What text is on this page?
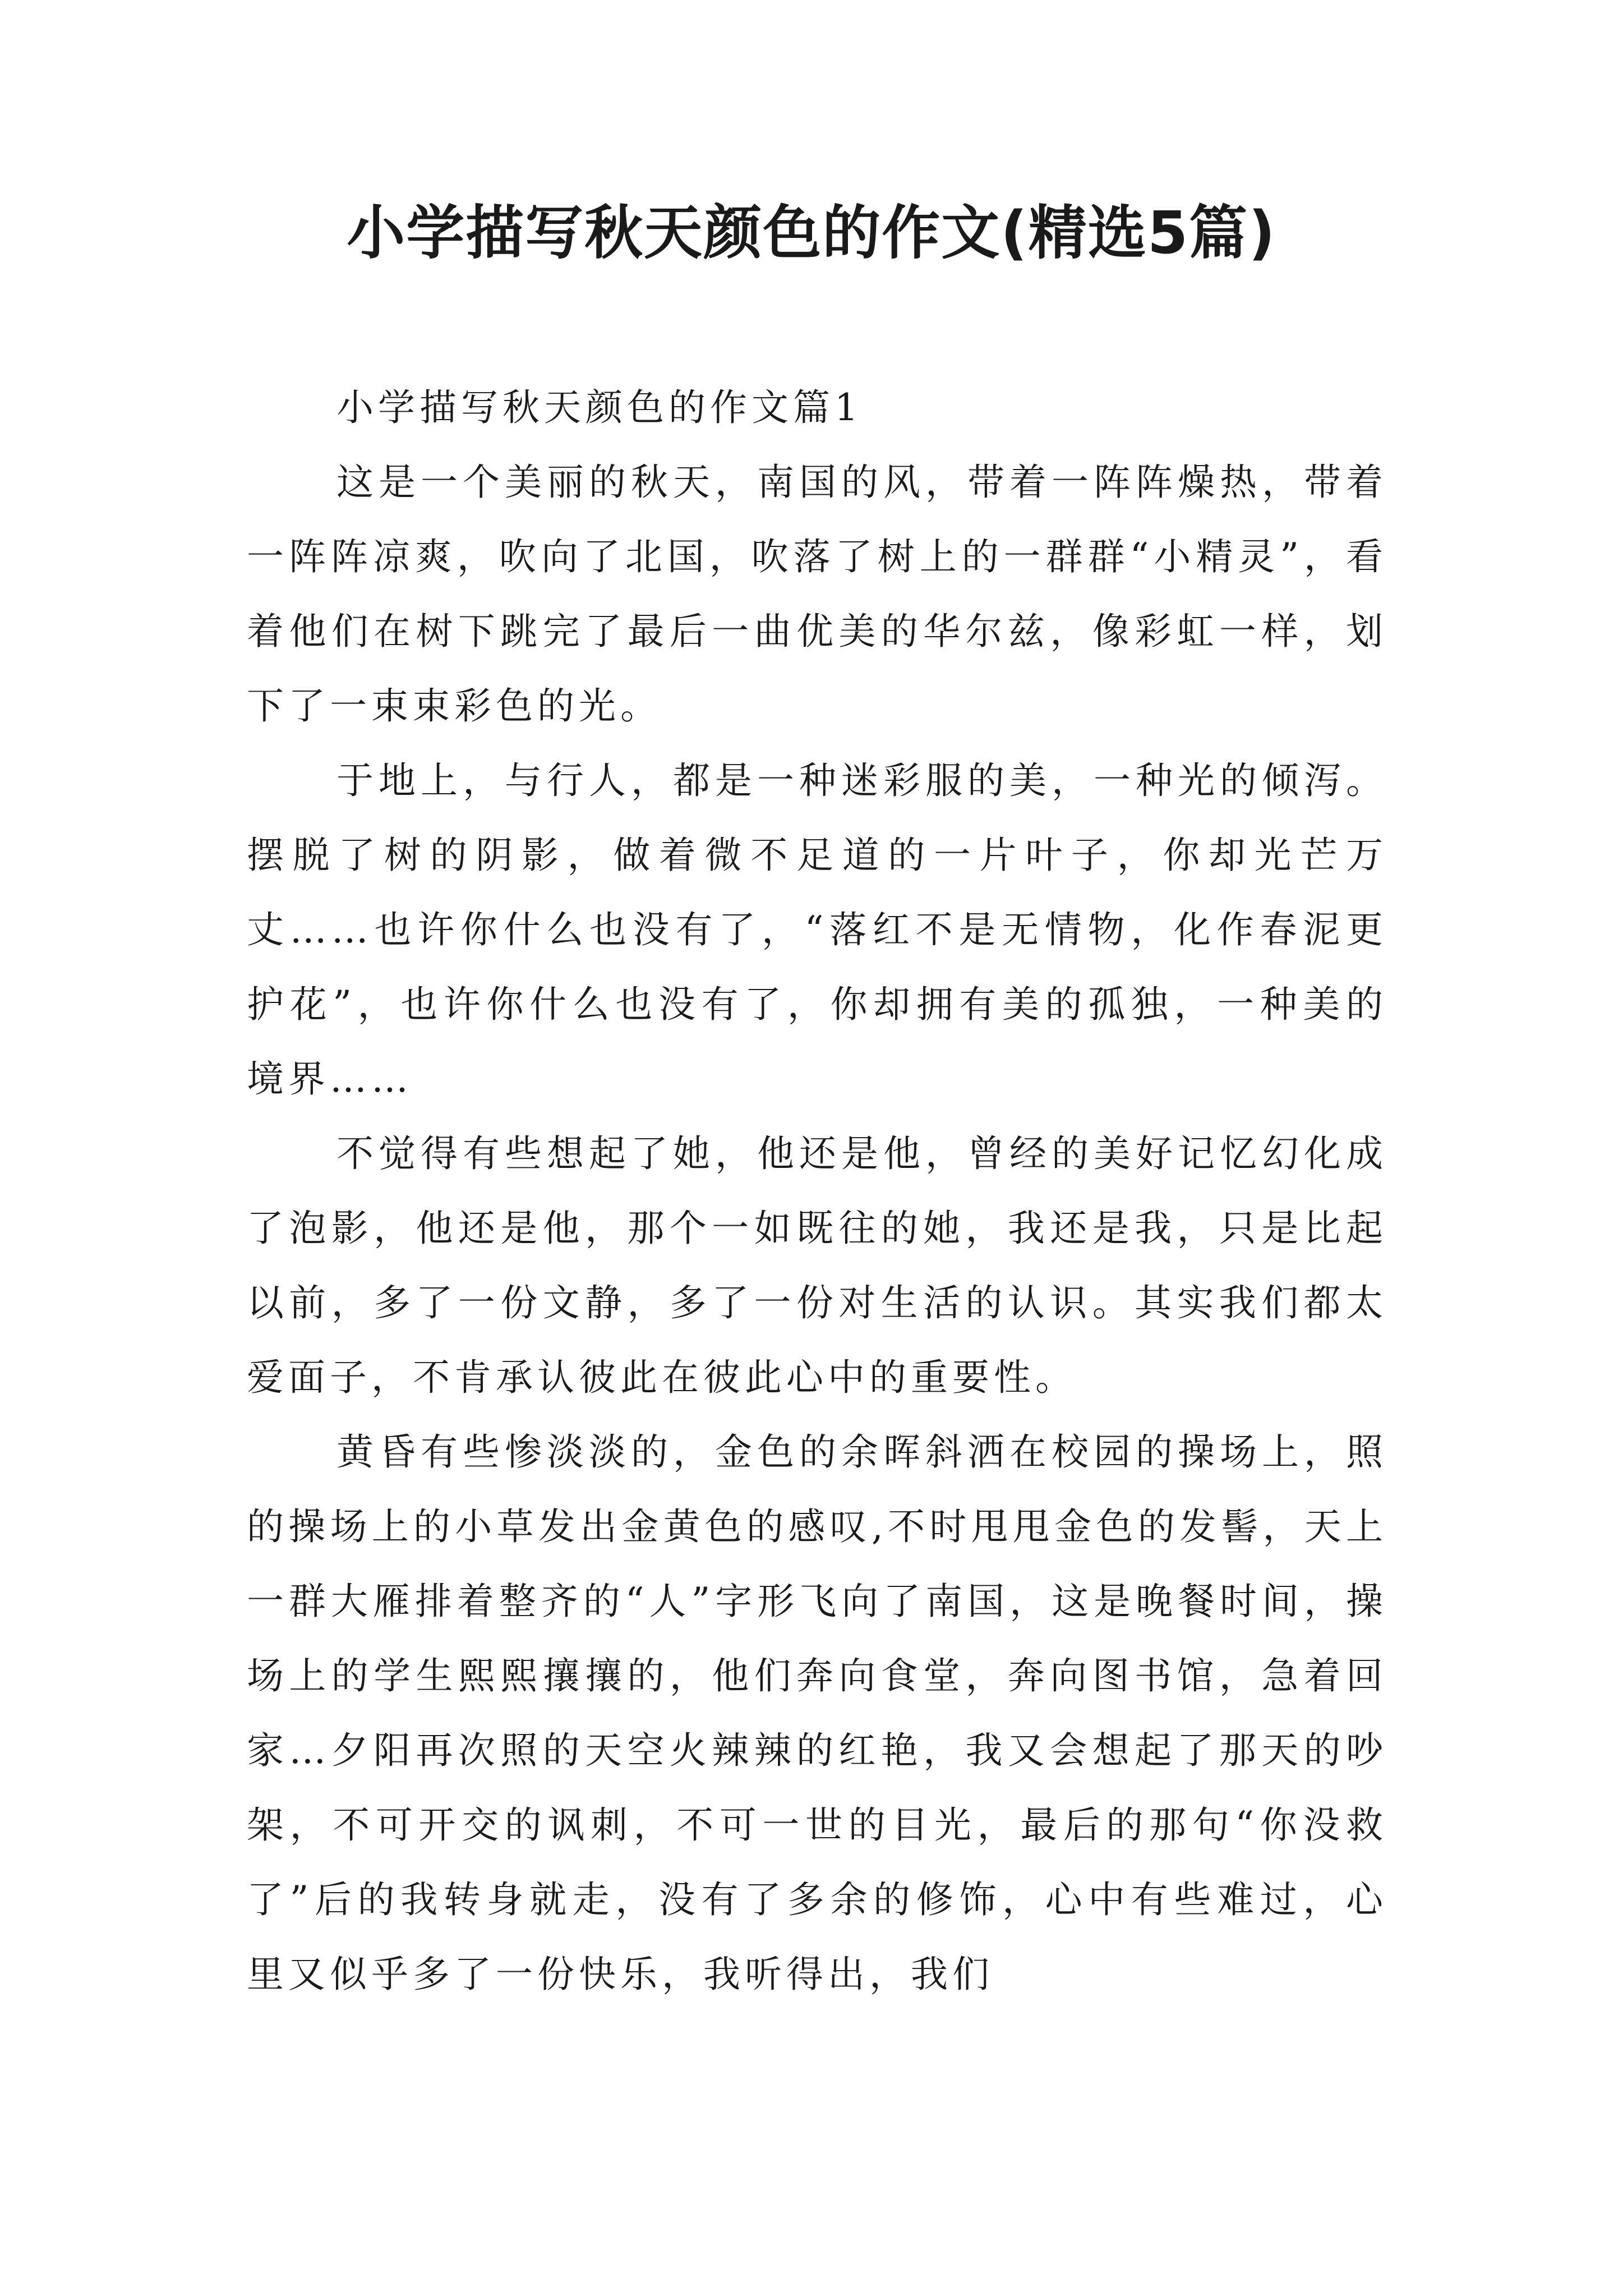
小学描写秋天颜色的作文(精选5篇)

小学描写秋天颜色的作文篇1

这是一个美丽的秋天，南国的风，带着一阵阵燥热，带着一阵阵凉爽，吹向了北国，吹落了树上的一群群“小精灵”，看着他们在树下跳完了最后一曲优美的华尔兹，像彩虹一样，划下了一束束彩色的光。

于地上，与行人，都是一种迷彩服的美，一种光的倾泻。摆脱了树的阴影，做着微不足道的一片叶子，你却光芒万丈……也许你什么也没有了，“落红不是无情物，化作春泥更护花”，也许你什么也没有了，你却拥有美的孤独，一种美的境界……

不觉得有些想起了她，他还是他，曾经的美好记忆幻化成了泡影，他还是他，那个一如既往的她，我还是我，只是比起以前，多了一份文静，多了一份对生活的认识。其实我们都太爱面子，不肯承认彼此在彼此心中的重要性。

黄昏有些惨淡淡的，金色的余晖斜洒在校园的操场上，照的操场上的小草发出金黄色的感叹,不时甩甩金色的发髻，天上一群大雁排着整齐的“人”字形飞向了南国，这是晚餐时间，操场上的学生熙熙攘攘的，他们奔向食堂，奔向图书馆，急着回家…夕阳再次照的天空火辣辣的红艳，我又会想起了那天的吵架，不可开交的讽刺，不可一世的目光，最后的那句“你没救了”后的我转身就走，没有了多余的修饰，心中有些难过，心里又似乎多了一份快乐，我听得出，我们
